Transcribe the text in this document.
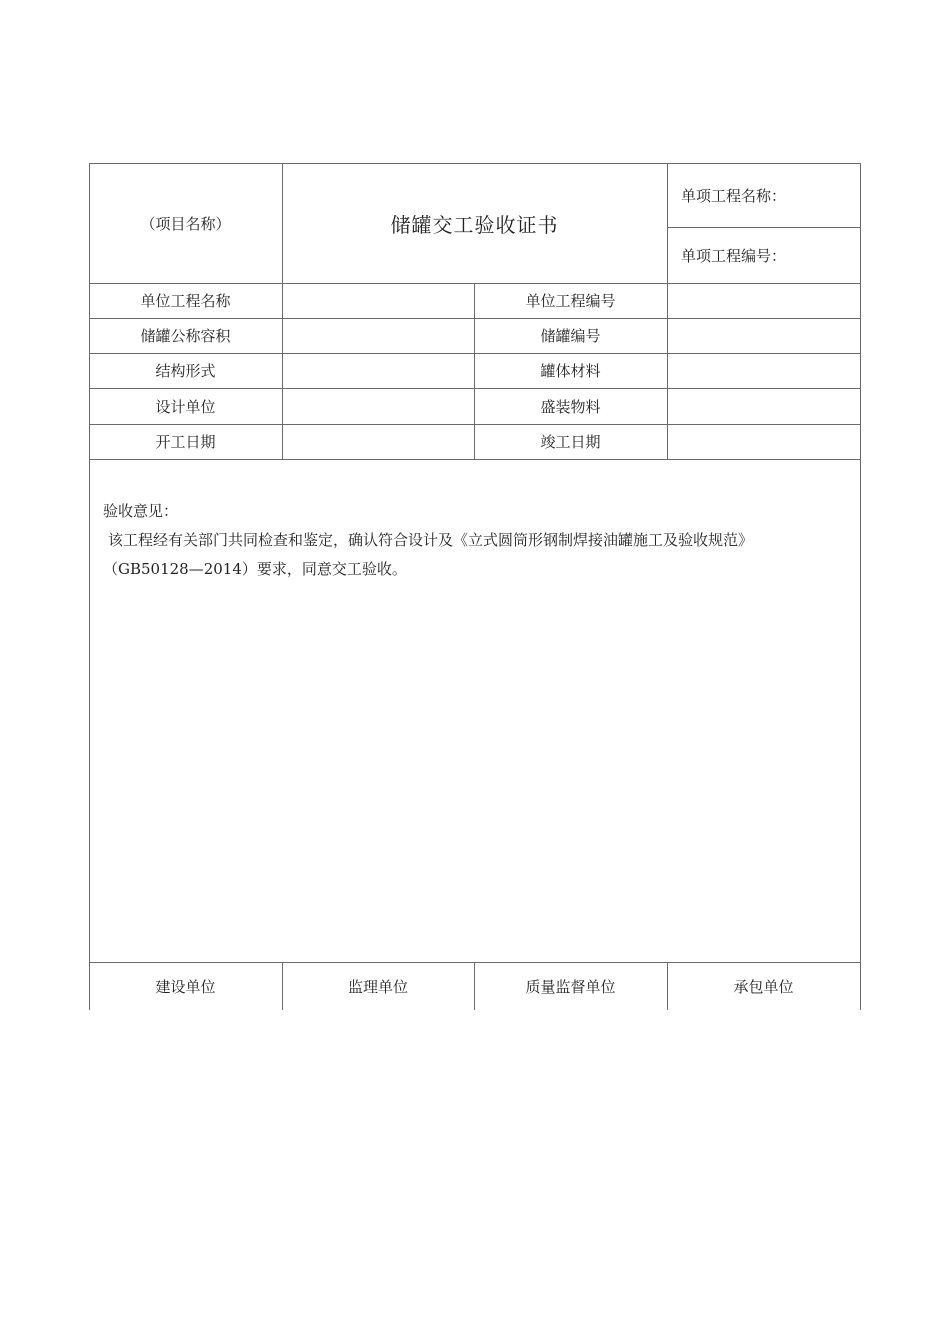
（项目名称）	储罐交工验收证书
单项工程名称：
单项工程编号：
单位工程名称	单位工程编号
储罐公称容积	储罐编号
结构形式	罐体材料
设计单位	盛装物料
开工日期	竣工日期

验收意见：

该工程经有关部门共同检查和鉴定，确认符合设计及《立式圆筒形钢制焊接油罐施工及验收规范》

（GB50128—2014）要求，同意交工验收。

建设单位	监理单位	质量监督单位	承包单位
